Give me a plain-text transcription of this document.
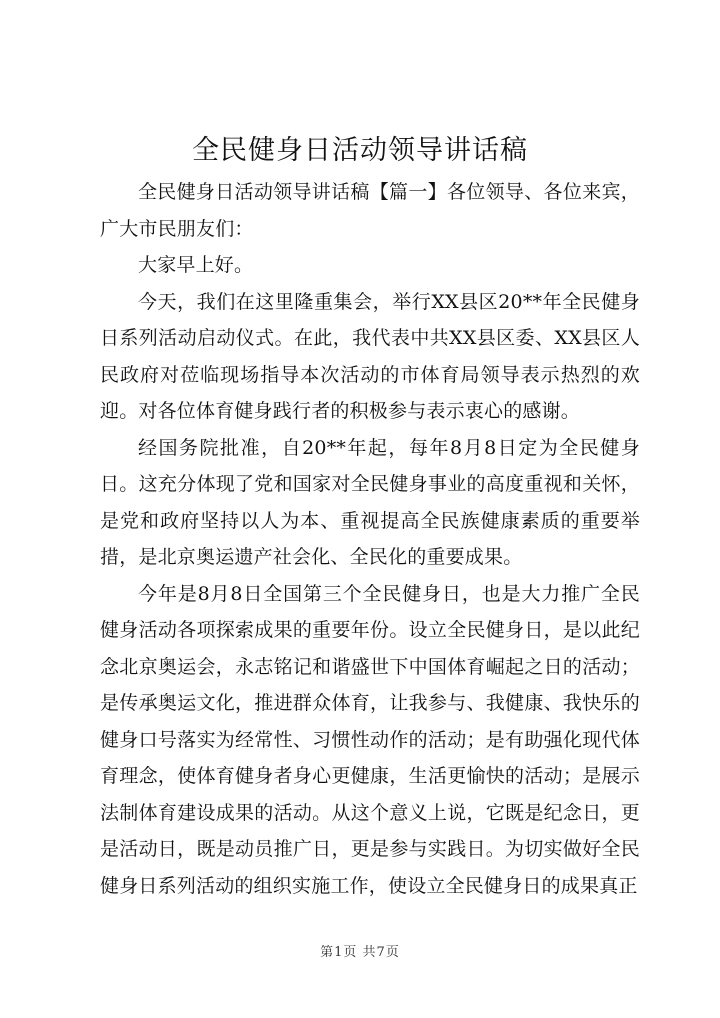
全民健身日活动领导讲话稿

全民健身日活动领导讲话稿【篇一】各位领导、各位来宾，广大市民朋友们：

大家早上好。

今天，我们在这里隆重集会，举行XX县区20**年全民健身日系列活动启动仪式。在此，我代表中共XX县区委、XX县区人民政府对莅临现场指导本次活动的市体育局领导表示热烈的欢迎。对各位体育健身践行者的积极参与表示衷心的感谢。

经国务院批准，自20**年起，每年8月8日定为全民健身日。这充分体现了党和国家对全民健身事业的高度重视和关怀，是党和政府坚持以人为本、重视提高全民族健康素质的重要举措，是北京奥运遗产社会化、全民化的重要成果。

今年是8月8日全国第三个全民健身日，也是大力推广全民健身活动各项探索成果的重要年份。设立全民健身日，是以此纪念北京奥运会，永志铭记和谐盛世下中国体育崛起之日的活动；是传承奥运文化，推进群众体育，让我参与、我健康、我快乐的健身口号落实为经常性、习惯性动作的活动；是有助强化现代体育理念，使体育健身者身心更健康，生活更愉快的活动；是展示法制体育建设成果的活动。从这个意义上说，它既是纪念日，更是活动日，既是动员推广日，更是参与实践日。为切实做好全民健身日系列活动的组织实施工作，使设立全民健身日的成果真正

第1页 共7页
